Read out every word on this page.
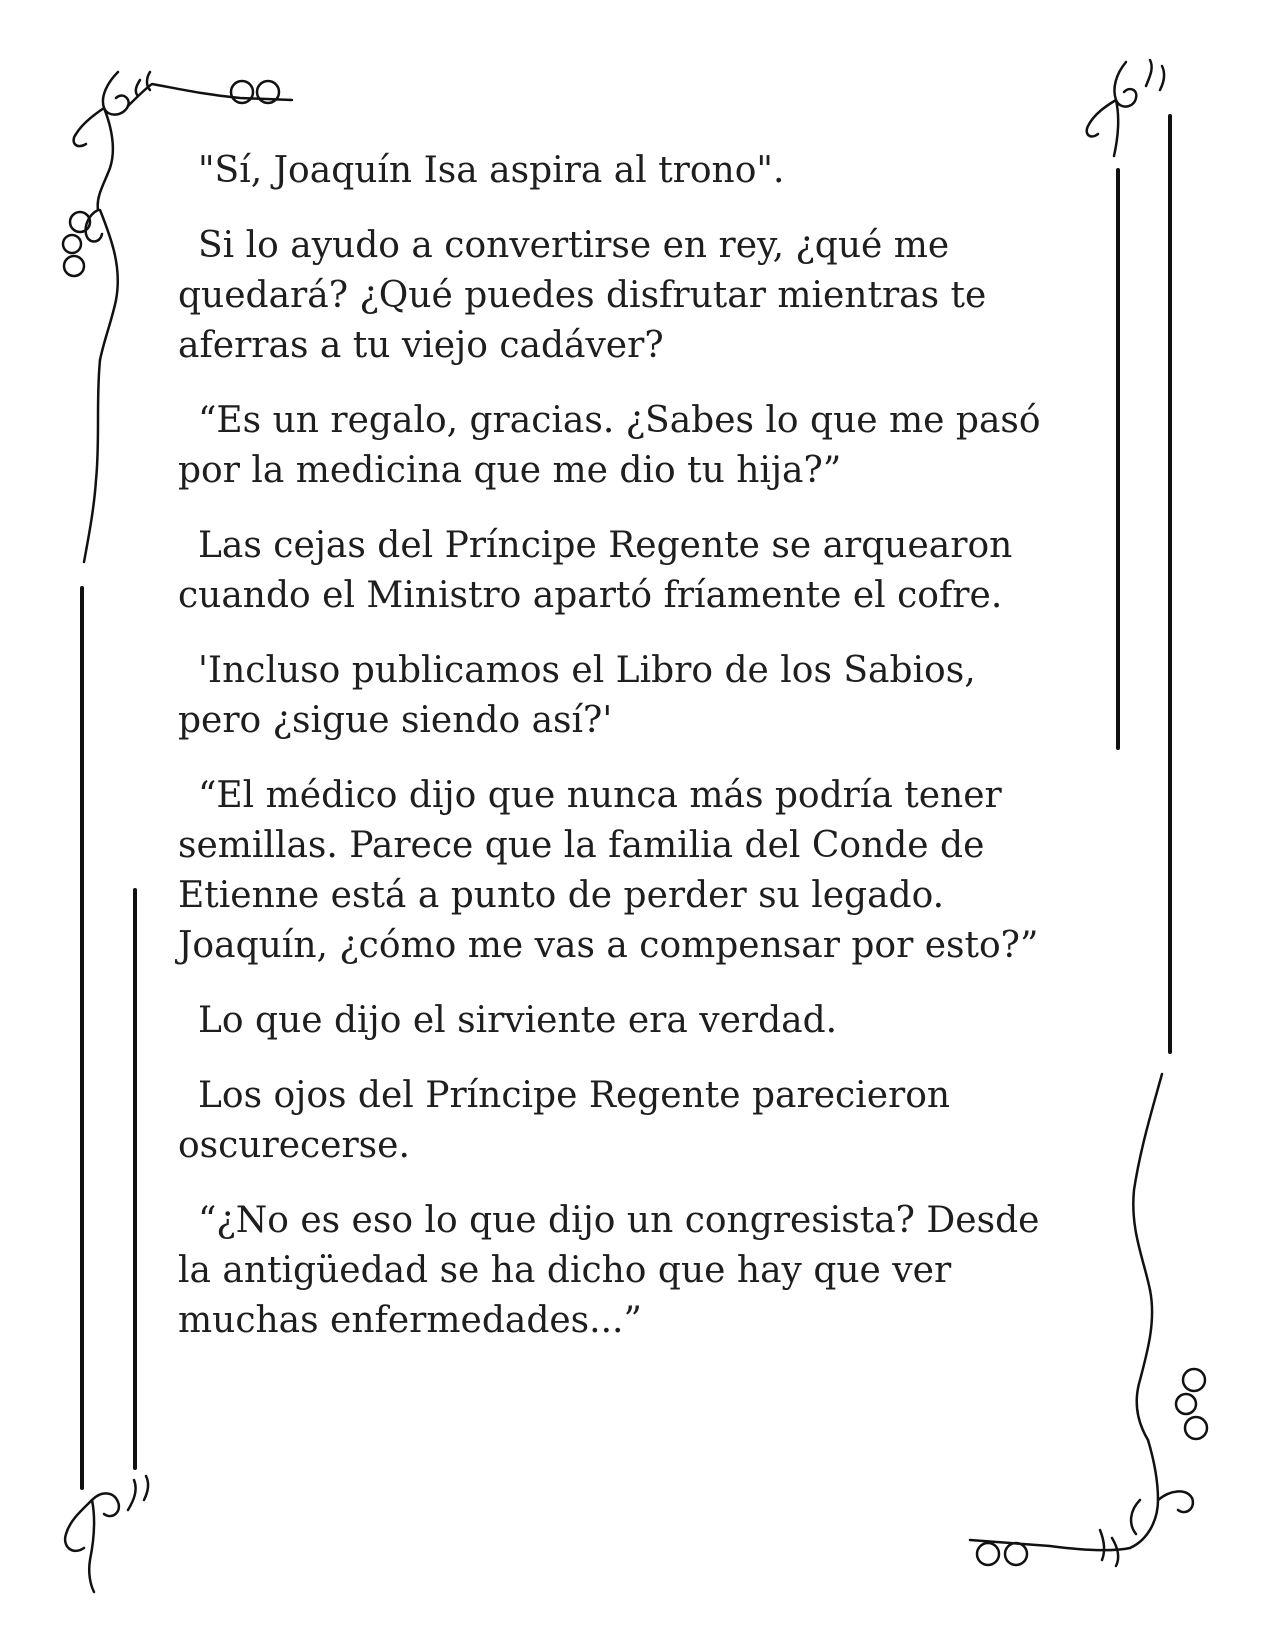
"Sí, Joaquín Isa aspira al trono".

Si lo ayudo a convertirse en rey, ¿qué me
quedará? ¿Qué puedes disfrutar mientras te
aferras a tu viejo cadáver?

“Es un regalo, gracias. ¿Sabes lo que me pasó
por la medicina que me dio tu hija?”

Las cejas del Príncipe Regente se arquearon
cuando el Ministro apartó fríamente el cofre.

'Incluso publicamos el Libro de los Sabios,
pero ¿sigue siendo así?'

“El médico dijo que nunca más podría tener
semillas. Parece que la familia del Conde de
Etienne está a punto de perder su legado.
Joaquín, ¿cómo me vas a compensar por esto?”

Lo que dijo el sirviente era verdad.

Los ojos del Príncipe Regente parecieron
oscurecerse.

“¿No es eso lo que dijo un congresista? Desde
la antigüedad se ha dicho que hay que ver
muchas enfermedades...”
